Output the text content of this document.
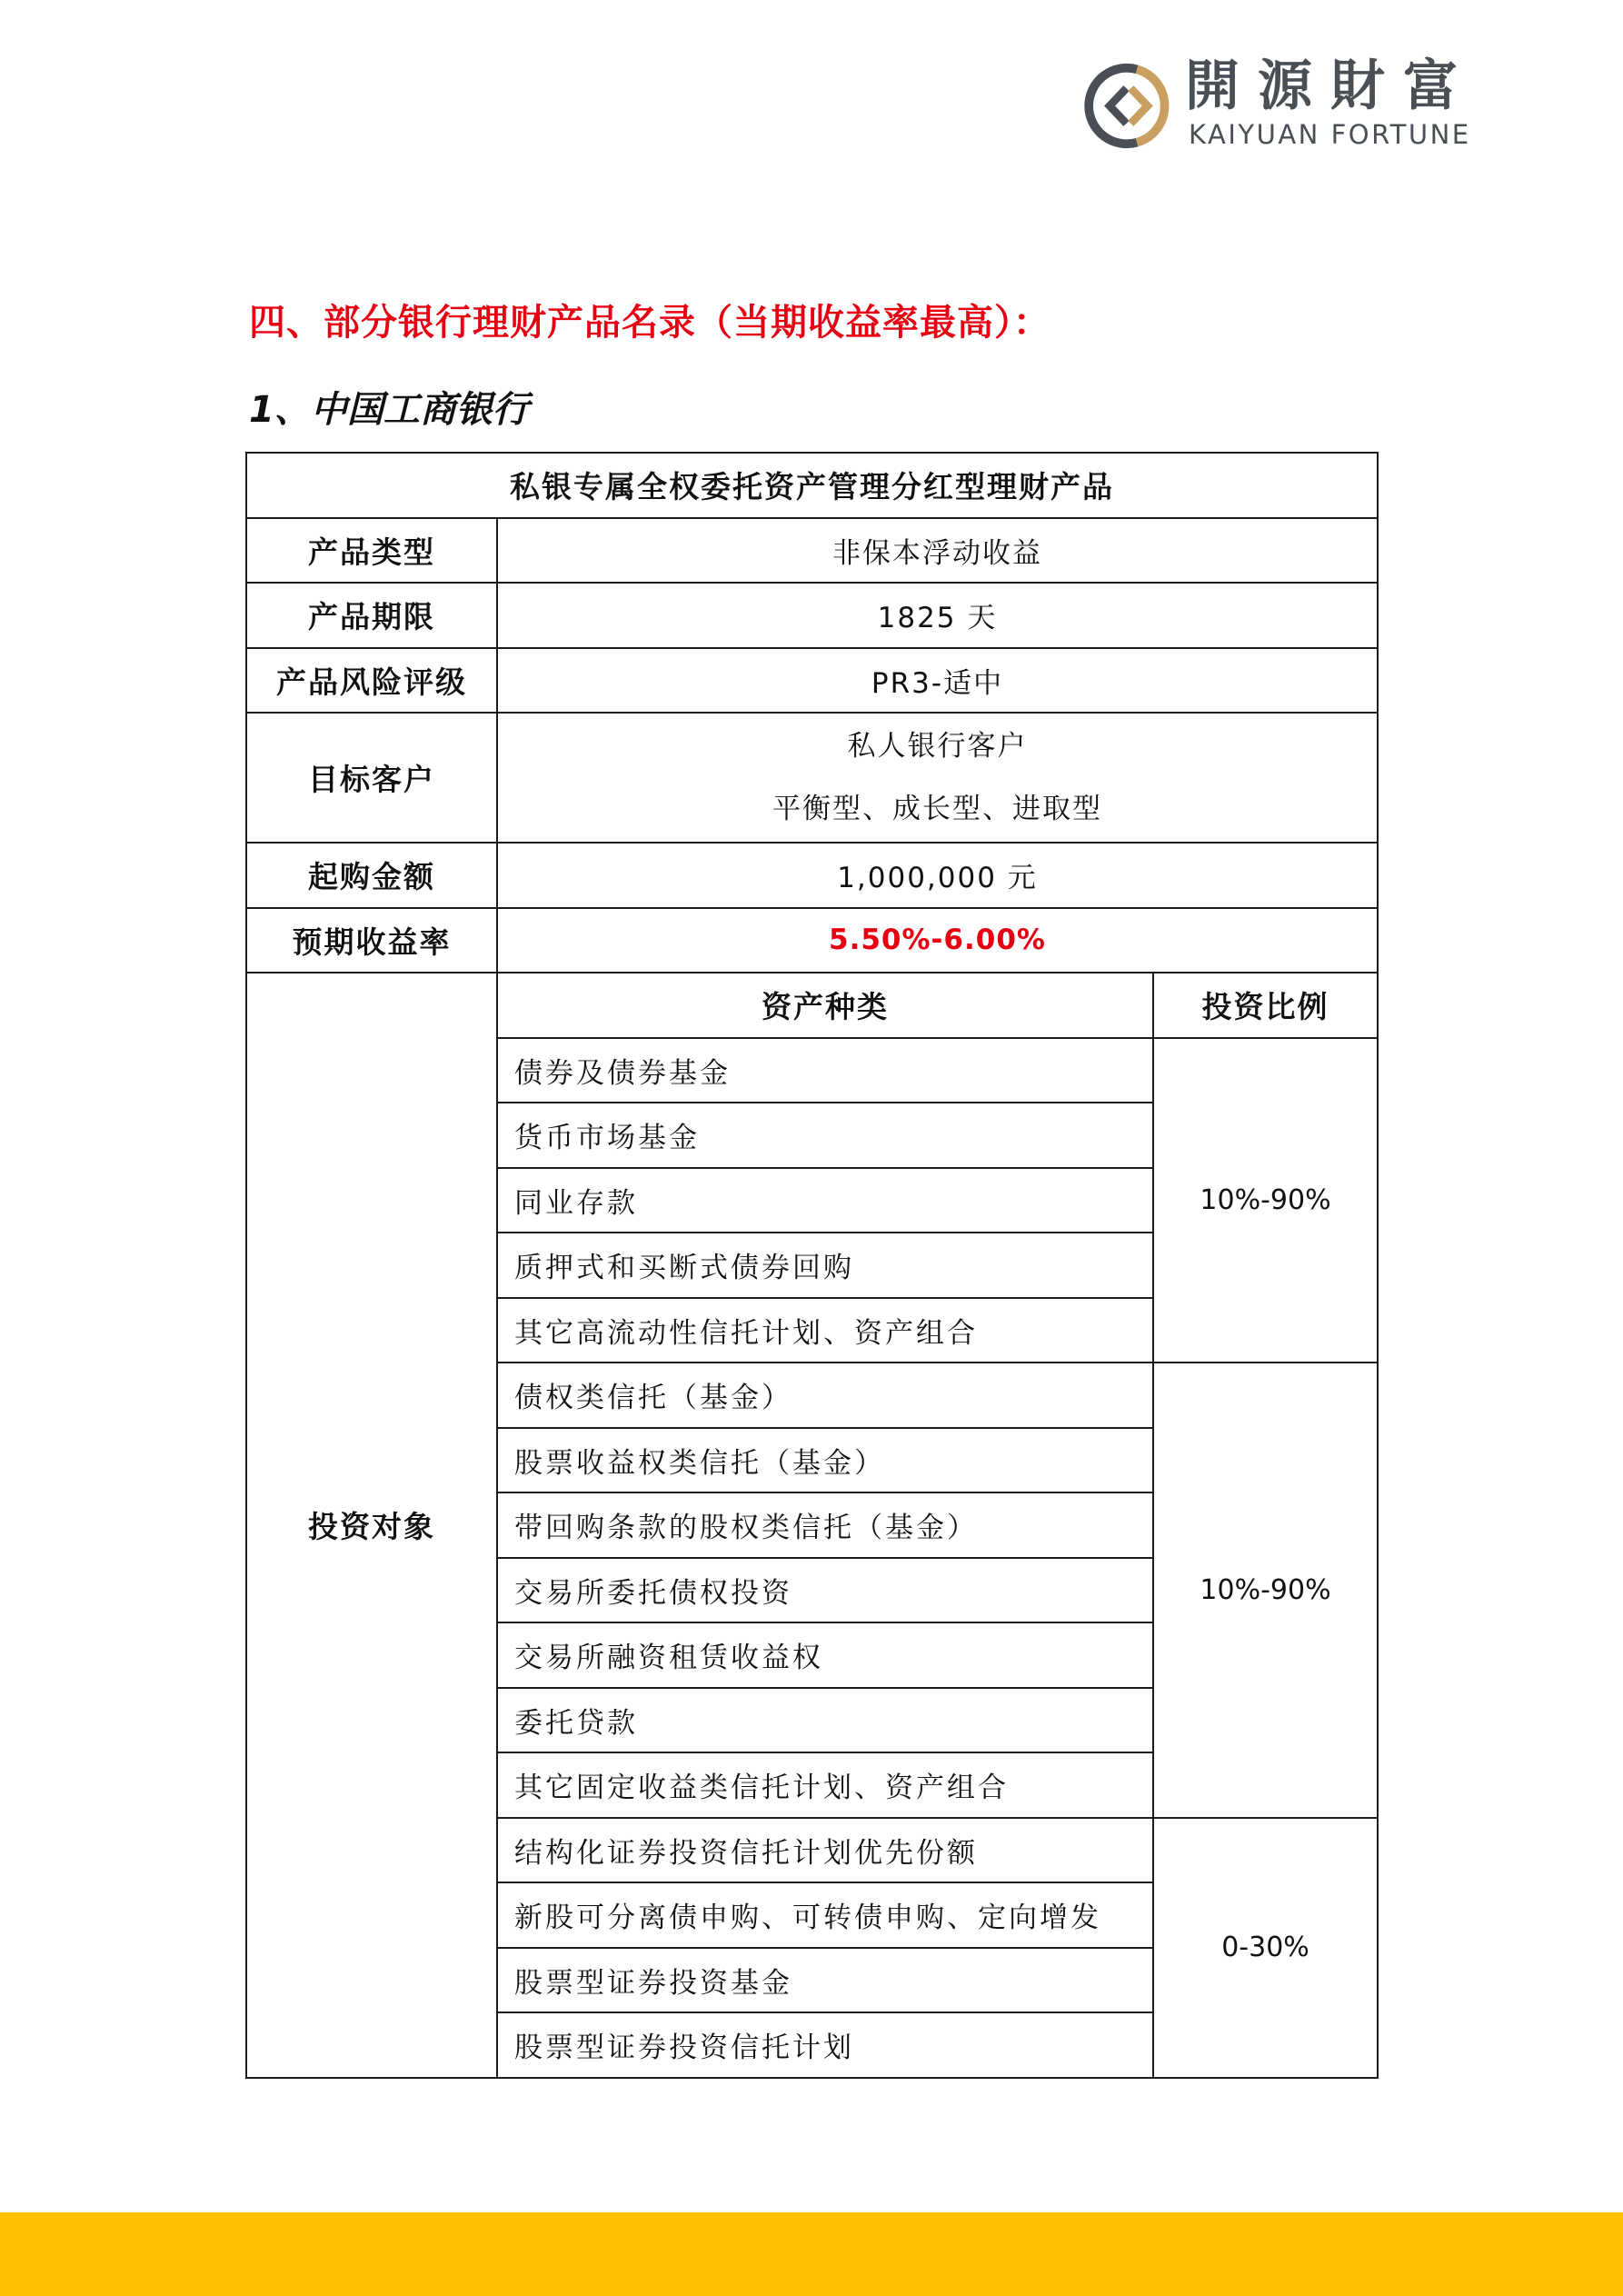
開源財富
KAIYUAN FORTUNE
四、部分银行理财产品名录（当期收益率最高）：
1、中国工商银行
私银专属全权委托资产管理分红型理财产品		
产品类型	非保本浮动收益	
产品期限	1825 天	
产品风险评级	PR3-适中	
目标客户	私人银行客户
平衡型、成长型、进取型	

起购金额	1,000,000 元	
预期收益率	5.50%-6.00%	
投资对象	资产种类	投资比例
	债券及债券基金	10%-90%
	货币市场基金	
	同业存款	
	质押式和买断式债券回购	
	其它高流动性信托计划、资产组合	
	债权类信托（基金）	10%-90%
	股票收益权类信托（基金）	
	带回购条款的股权类信托（基金）	
	交易所委托债权投资	
	交易所融资租赁收益权	
	委托贷款	
	其它固定收益类信托计划、资产组合	
	结构化证券投资信托计划优先份额	0-30%
	新股可分离债申购、可转债申购、定向增发	
	股票型证券投资基金	
	股票型证券投资信托计划	
